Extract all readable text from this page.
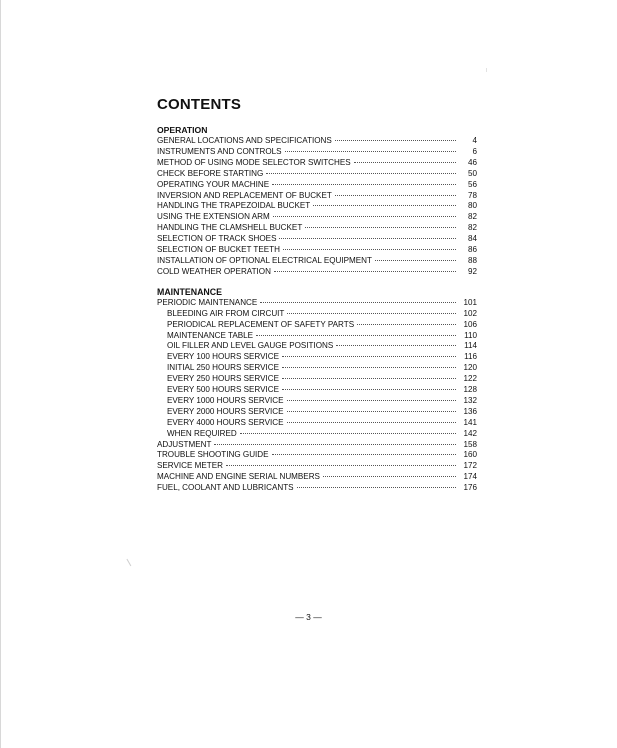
CONTENTS
OPERATION
GENERAL LOCATIONS AND SPECIFICATIONS	4
INSTRUMENTS AND CONTROLS	6
METHOD OF USING MODE SELECTOR SWITCHES	46
CHECK BEFORE STARTING	50
OPERATING YOUR MACHINE	56
INVERSION AND REPLACEMENT OF BUCKET	78
HANDLING THE TRAPEZOIDAL BUCKET	80
USING THE EXTENSION ARM	82
HANDLING THE CLAMSHELL BUCKET	82
SELECTION OF TRACK SHOES	84
SELECTION OF BUCKET TEETH	86
INSTALLATION OF OPTIONAL ELECTRICAL EQUIPMENT	88
COLD WEATHER OPERATION	92
MAINTENANCE
PERIODIC MAINTENANCE	101
BLEEDING AIR FROM CIRCUIT	102
PERIODICAL REPLACEMENT OF SAFETY PARTS	106
MAINTENANCE TABLE	110
OIL FILLER AND LEVEL GAUGE POSITIONS	114
EVERY 100 HOURS SERVICE	116
INITIAL 250 HOURS SERVICE	120
EVERY 250 HOURS SERVICE	122
EVERY 500 HOURS SERVICE	128
EVERY 1000 HOURS SERVICE	132
EVERY 2000 HOURS SERVICE	136
EVERY 4000 HOURS SERVICE	141
WHEN REQUIRED	142
ADJUSTMENT	158
TROUBLE SHOOTING GUIDE	160
SERVICE METER	172
MACHINE AND ENGINE SERIAL NUMBERS	174
FUEL, COOLANT AND LUBRICANTS	176
— 3 —
